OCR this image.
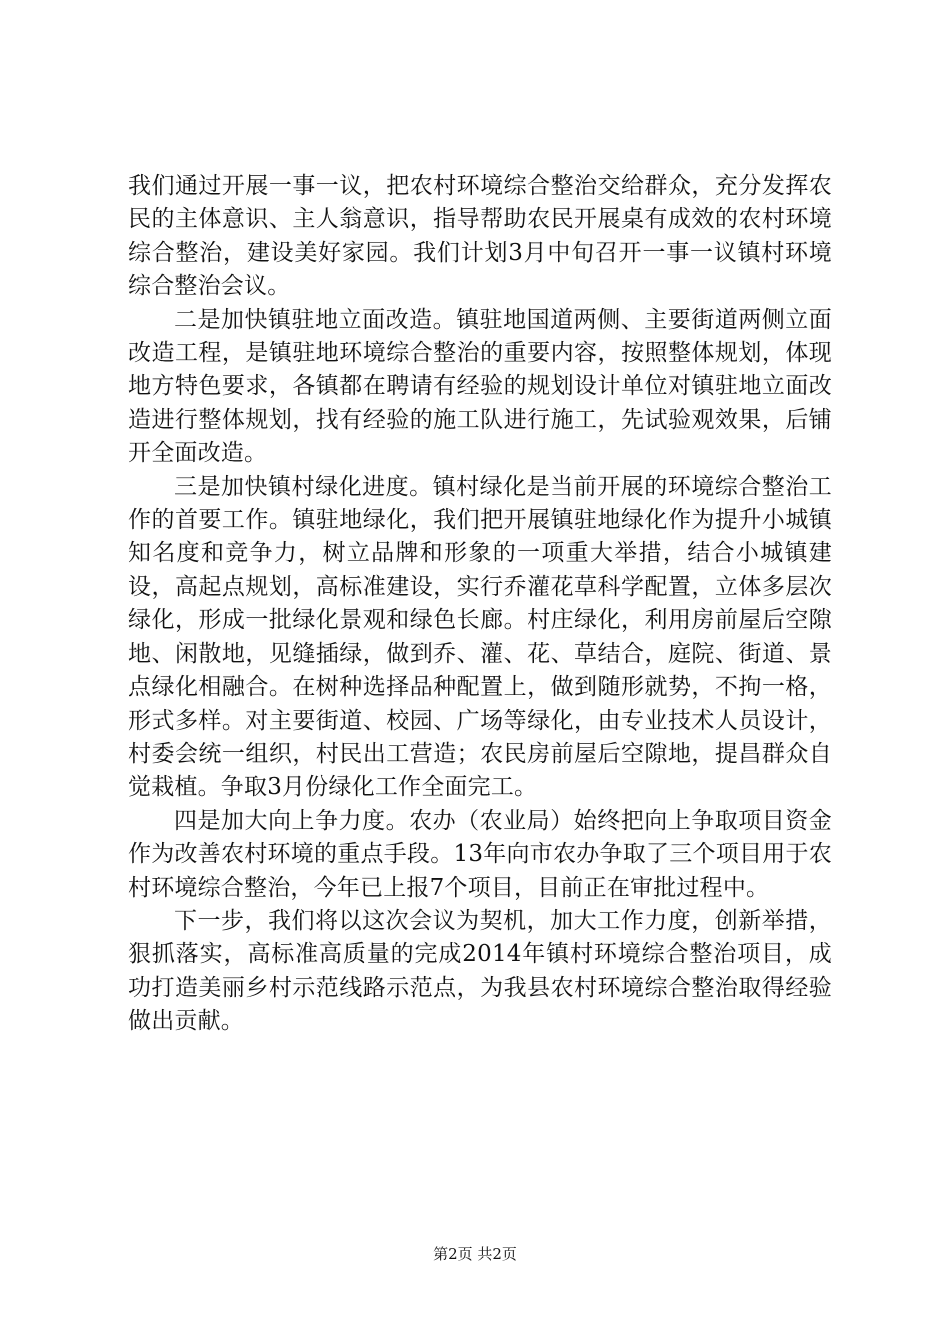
我们通过开展一事一议，把农村环境综合整治交给群众，充分发挥农民的主体意识、主人翁意识，指导帮助农民开展桌有成效的农村环境综合整治，建设美好家园。我们计划3月中旬召开一事一议镇村环境综合整治会议。

二是加快镇驻地立面改造。镇驻地国道两侧、主要街道两侧立面改造工程，是镇驻地环境综合整治的重要内容，按照整体规划，体现地方特色要求，各镇都在聘请有经验的规划设计单位对镇驻地立面改造进行整体规划，找有经验的施工队进行施工，先试验观效果，后铺开全面改造。

三是加快镇村绿化进度。镇村绿化是当前开展的环境综合整治工作的首要工作。镇驻地绿化，我们把开展镇驻地绿化作为提升小城镇知名度和竞争力，树立品牌和形象的一项重大举措，结合小城镇建设，高起点规划，高标准建设，实行乔灌花草科学配置，立体多层次绿化，形成一批绿化景观和绿色长廊。村庄绿化，利用房前屋后空隙地、闲散地，见缝插绿，做到乔、灌、花、草结合，庭院、街道、景点绿化相融合。在树种选择品种配置上，做到随形就势，不拘一格，形式多样。对主要街道、校园、广场等绿化，由专业技术人员设计，村委会统一组织，村民出工营造；农民房前屋后空隙地，提昌群众自觉栽植。争取3月份绿化工作全面完工。

四是加大向上争力度。农办（农业局）始终把向上争取项目资金作为改善农村环境的重点手段。13年向市农办争取了三个项目用于农村环境综合整治，今年已上报7个项目，目前正在审批过程中。

下一步，我们将以这次会议为契机，加大工作力度，创新举措，狠抓落实，高标准高质量的完成2014年镇村环境综合整治项目，成功打造美丽乡村示范线路示范点，为我县农村环境综合整治取得经验做出贡献。

第2页 共2页
